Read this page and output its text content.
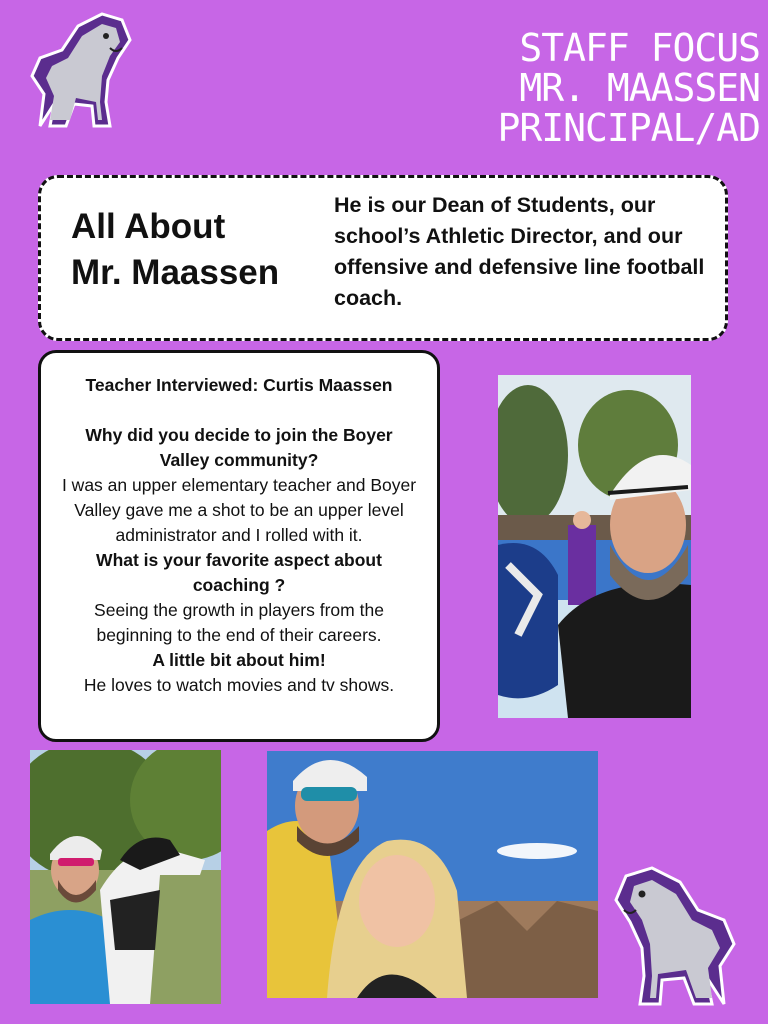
STAFF FOCUS
MR. MAASSEN
PRINCIPAL/AD
All About
Mr. Maassen
He is our Dean of Students, our school’s Athletic Director, and our offensive and defensive line football coach.

Teacher Interviewed: Curtis Maassen

Why did you decide to join the Boyer Valley community?

I was an upper elementary teacher and Boyer Valley gave me a shot to be an upper level administrator and I rolled with it.

What is your favorite aspect about coaching ?

Seeing the growth in players from the beginning to the end of their careers.

A little bit about him!

He loves to watch movies and tv shows.
